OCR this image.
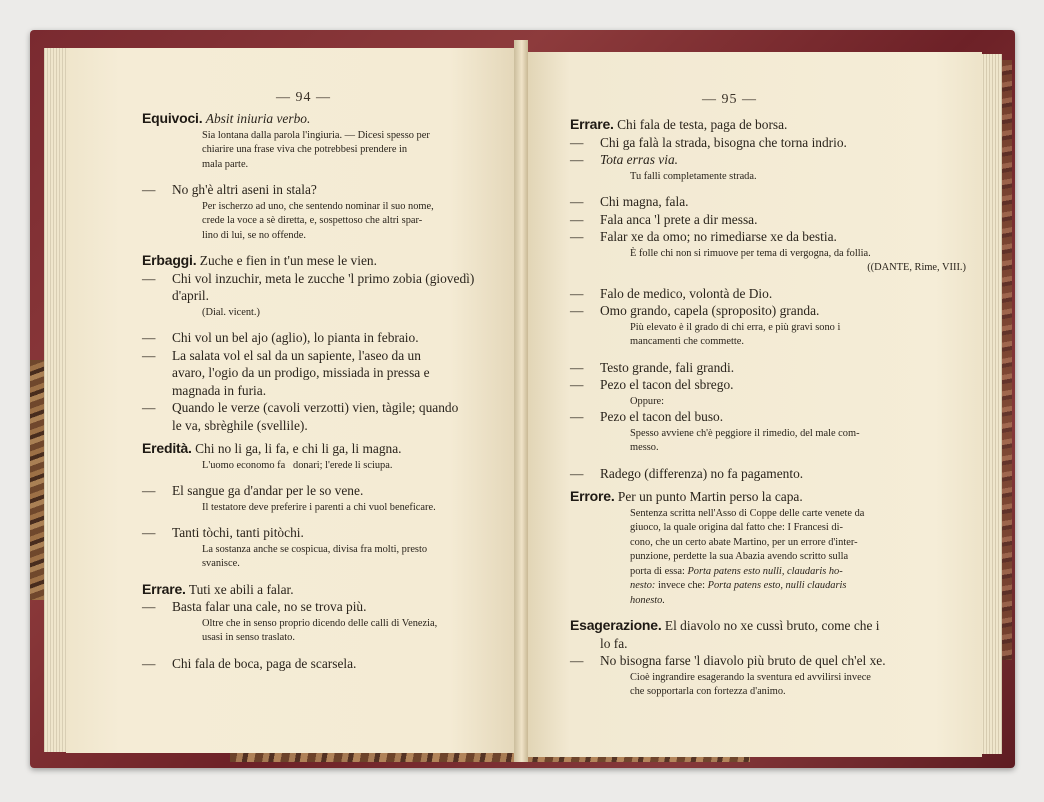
— 94 —

Equivoci. Absit iniuria verbo.

Sia lontana dalla parola l'ingiuria. — Dicesi spesso per
chiarire una frase viva che potrebbesi prendere in
mala parte.
— No gh'è altri aseni in stala?
Per ischerzo ad uno, che sentendo nominar il suo nome,
crede la voce a sè diretta, e, sospettoso che altri spar-
lino di lui, se no offende.

Erbaggi. Zuche e fien in t'un mese le vien.

— Chi vol inzuchir, meta le zucche 'l primo zobia (giovedì)
d'april.
(Dial. vicent.)
— Chi vol un bel ajo (aglio), lo pianta in febraio.
— La salata vol el sal da un sapiente, l'aseo da un
avaro, l'ogio da un prodigo, missiada in pressa e
magnada in furia.
— Quando le verze (cavoli verzotti) vien, tàgile; quando
le va, sbrèghile (svellile).

Eredità. Chi no li ga, li fa, e chi li ga, li magna.

L'uomo economo fa   donari; l'erede li sciupa.
— El sangue ga d'andar per le so vene.
Il testatore deve preferire i parenti a chi vuol beneficare.
— Tanti tòchi, tanti pitòchi.
La sostanza anche se cospicua, divisa fra molti, presto
svanisce.

Errare. Tuti xe abili a falar.

— Basta falar una cale, no se trova più.
Oltre che in senso proprio dicendo delle calli di Venezia,
usasi in senso traslato.
— Chi fala de boca, paga de scarsela.
— 95 —

Errare. Chi fala de testa, paga de borsa.

— Chi ga falà la strada, bisogna che torna indrio.
— Tota erras via.
Tu falli completamente strada.
— Chi magna, fala.
— Fala anca 'l prete a dir messa.
— Falar xe da omo; no rimediarse xe da bestia.
È folle chi non si rimuove per tema di vergogna, da follia.
((DANTE, Rime, VIII.)
— Falo de medico, volontà de Dio.
— Omo grando, capela (sproposito) granda.
Più elevato è il grado di chi erra, e più gravi sono i
mancamenti che commette.
— Testo grande, fali grandi.
— Pezo el tacon del sbrego.
Oppure:
— Pezo el tacon del buso.
Spesso avviene ch'è peggiore il rimedio, del male com-
messo.
— Radego (differenza) no fa pagamento.

Errore. Per un punto Martin perso la capa.

Sentenza scritta nell'Asso di Coppe delle carte venete da
giuoco, la quale origina dal fatto che: I Francesi di-
cono, che un certo abate Martino, per un errore d'inter-
punzione, perdette la sua Abazia avendo scritto sulla
porta di essa: Porta patens esto nulli, claudaris ho-
nesto: invece che: Porta patens esto, nulli claudaris
honesto.

Esagerazione. El diavolo no xe cussì bruto, come che i

lo fa.
— No bisogna farse 'l diavolo più bruto de quel ch'el xe.
Cioè ingrandire esagerando la sventura ed avvilirsi invece
che sopportarla con fortezza d'animo.
